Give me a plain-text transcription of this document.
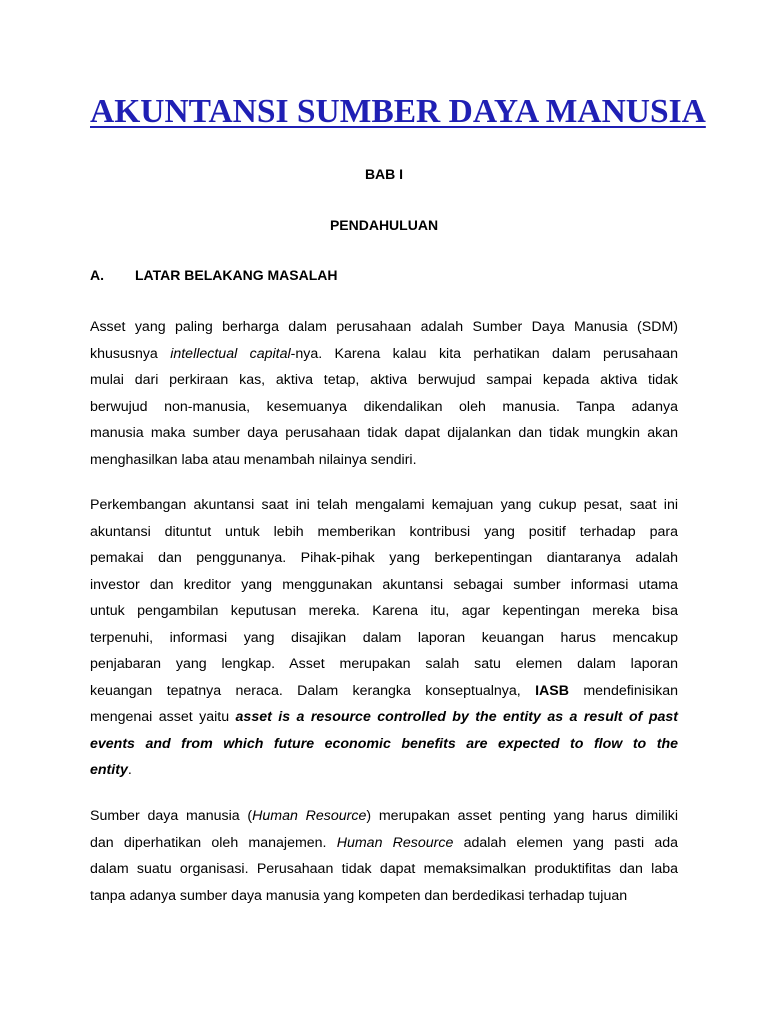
AKUNTANSI SUMBER DAYA MANUSIA

BAB I

PENDAHULUAN

A. LATAR BELAKANG MASALAH

Asset yang paling berharga dalam perusahaan adalah Sumber Daya Manusia (SDM)
khususnya intellectual capital-nya. Karena kalau kita perhatikan dalam perusahaan
mulai dari perkiraan kas, aktiva tetap, aktiva berwujud sampai kepada aktiva tidak
berwujud non-manusia, kesemuanya dikendalikan oleh manusia. Tanpa adanya
manusia maka sumber daya perusahaan tidak dapat dijalankan dan tidak mungkin akan
menghasilkan laba atau menambah nilainya sendiri.
Perkembangan akuntansi saat ini telah mengalami kemajuan yang cukup pesat, saat ini
akuntansi dituntut untuk lebih memberikan kontribusi yang positif terhadap para
pemakai dan penggunanya. Pihak-pihak yang berkepentingan diantaranya adalah
investor dan kreditor yang menggunakan akuntansi sebagai sumber informasi utama
untuk pengambilan keputusan mereka. Karena itu, agar kepentingan mereka bisa
terpenuhi, informasi yang disajikan dalam laporan keuangan harus mencakup
penjabaran yang lengkap. Asset merupakan salah satu elemen dalam laporan
keuangan tepatnya neraca. Dalam kerangka konseptualnya, IASB mendefinisikan
mengenai asset yaitu asset is a resource controlled by the entity as a result of past
events and from which future economic benefits are expected to flow to the
entity.
Sumber daya manusia (Human Resource) merupakan asset penting yang harus dimiliki
dan diperhatikan oleh manajemen. Human Resource adalah elemen yang pasti ada
dalam suatu organisasi. Perusahaan tidak dapat memaksimalkan produktifitas dan laba
tanpa adanya sumber daya manusia yang kompeten dan berdedikasi terhadap tujuan
